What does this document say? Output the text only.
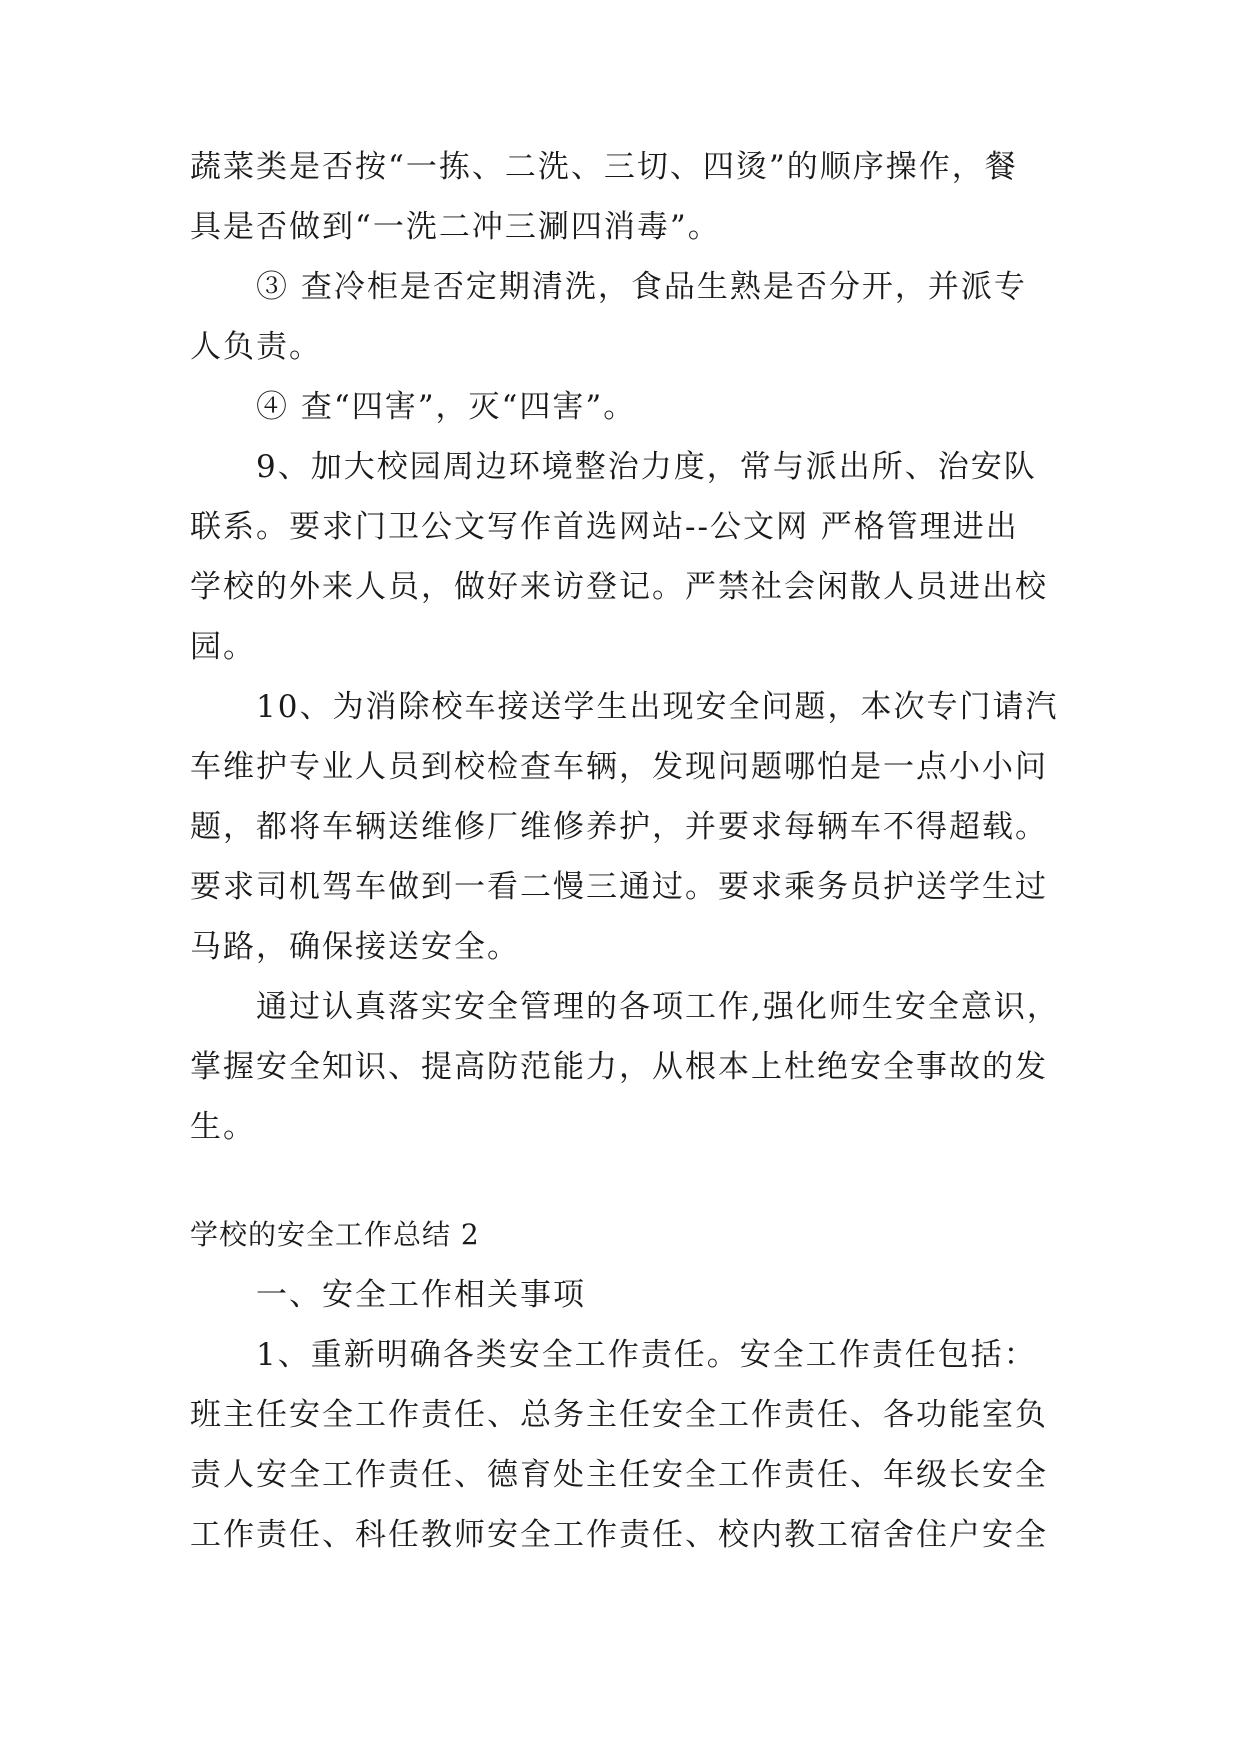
蔬菜类是否按“一拣、二洗、三切、四烫”的顺序操作，餐
具是否做到“一洗二冲三涮四消毒”。
③ 查冷柜是否定期清洗，食品生熟是否分开，并派专
人负责。
④ 查“四害”，灭“四害”。
9、加大校园周边环境整治力度，常与派出所、治安队
联系。要求门卫公文写作首选网站--公文网 严格管理进出
学校的外来人员，做好来访登记。严禁社会闲散人员进出校
园。
10、为消除校车接送学生出现安全问题，本次专门请汽
车维护专业人员到校检查车辆，发现问题哪怕是一点小小问
题，都将车辆送维修厂维修养护，并要求每辆车不得超载。
要求司机驾车做到一看二慢三通过。要求乘务员护送学生过
马路，确保接送安全。
通过认真落实安全管理的各项工作,强化师生安全意识，
掌握安全知识、提高防范能力，从根本上杜绝安全事故的发
生。
学校的安全工作总结 2
一、安全工作相关事项
1、重新明确各类安全工作责任。安全工作责任包括：
班主任安全工作责任、总务主任安全工作责任、各功能室负
责人安全工作责任、德育处主任安全工作责任、年级长安全
工作责任、科任教师安全工作责任、校内教工宿舍住户安全
